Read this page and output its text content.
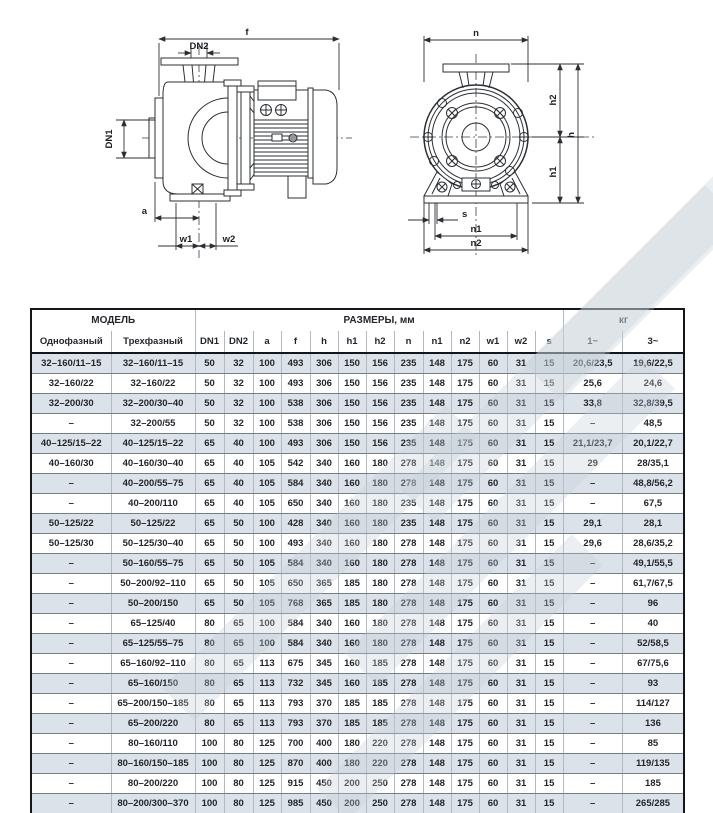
f
DN2
DN1
a
w1	w2
n
h2
h1
h
s
n1
n2
МОДЕЛЬ		РАЗМЕРЫ, мм													кг	
Однофазный	Трехфазный	DN1	DN2	a	f	h	h1	h2	n	n1	n2	w1	w2	s	1~	3~
32–160/11–15	32–160/11–15	50	32	100	493	306	150	156	235	148	175	60	31	15	20,6/23,5	19,6/22,5
32–160/22	32–160/22	50	32	100	493	306	150	156	235	148	175	60	31	15	25,6	24,6
32–200/30	32–200/30–40	50	32	100	538	306	150	156	235	148	175	60	31	15	33,8	32,8/39,5
–	32–200/55	50	32	100	538	306	150	156	235	148	175	60	31	15	–	48,5
40–125/15–22	40–125/15–22	65	40	100	493	306	150	156	235	148	175	60	31	15	21,1/23,7	20,1/22,7
40–160/30	40–160/30–40	65	40	105	542	340	160	180	278	148	175	60	31	15	29	28/35,1
–	40–200/55–75	65	40	105	584	340	160	180	278	148	175	60	31	15	–	48,8/56,2
–	40–200/110	65	40	105	650	340	160	180	235	148	175	60	31	15	–	67,5
50–125/22	50–125/22	65	50	100	428	340	160	180	235	148	175	60	31	15	29,1	28,1
50–125/30	50–125/30–40	65	50	100	493	340	160	180	278	148	175	60	31	15	29,6	28,6/35,2
–	50–160/55–75	65	50	105	584	340	160	180	278	148	175	60	31	15	–	49,1/55,5
–	50–200/92–110	65	50	105	650	365	185	180	278	148	175	60	31	15	–	61,7/67,5
–	50–200/150	65	50	105	768	365	185	180	278	148	175	60	31	15	–	96
–	65–125/40	80	65	100	584	340	160	180	278	148	175	60	31	15	–	40
–	65–125/55–75	80	65	100	584	340	160	180	278	148	175	60	31	15	–	52/58,5
–	65–160/92–110	80	65	113	675	345	160	185	278	148	175	60	31	15	–	67/75,6
–	65–160/150	80	65	113	732	345	160	185	278	148	175	60	31	15	–	93
–	65–200/150–185	80	65	113	793	370	185	185	278	148	175	60	31	15	–	114/127
–	65–200/220	80	65	113	793	370	185	185	278	148	175	60	31	15	–	136
–	80–160/110	100	80	125	700	400	180	220	278	148	175	60	31	15	–	85
–	80–160/150–185	100	80	125	870	400	180	220	278	148	175	60	31	15	–	119/135
–	80–200/220	100	80	125	915	450	200	250	278	148	175	60	31	15	–	185
–	80–200/300–370	100	80	125	985	450	200	250	278	148	175	60	31	15	–	265/285
